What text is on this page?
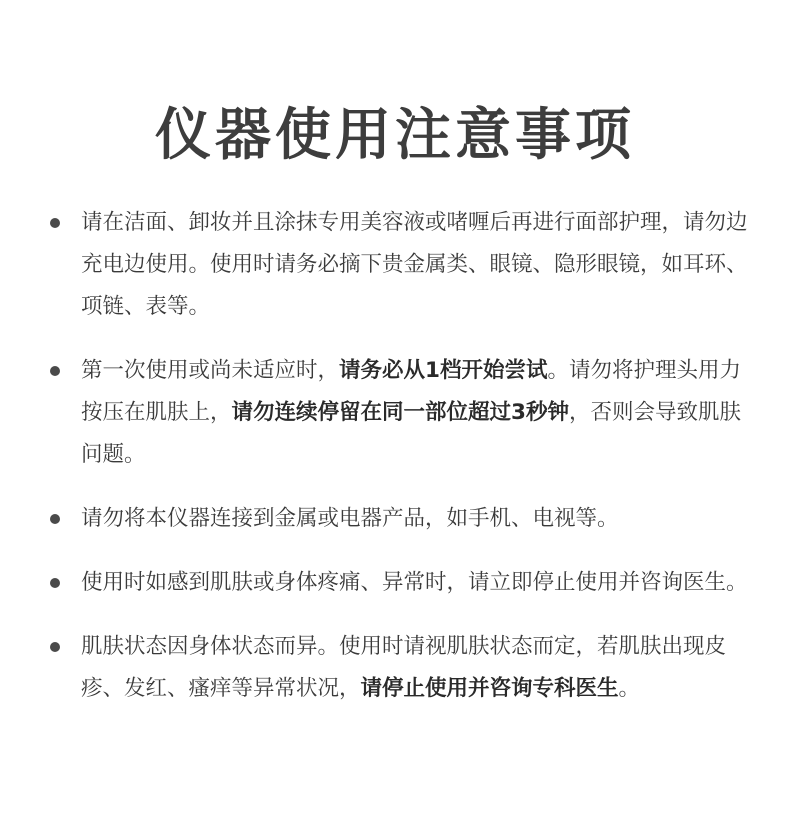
仪器使用注意事项
请在洁面、卸妆并且涂抹专用美容液或啫喱后再进行面部护理，请勿边充电边使用。使用时请务必摘下贵金属类、眼镜、隐形眼镜，如耳环、项链、表等。
第一次使用或尚未适应时，请务必从1档开始尝试。请勿将护理头用力按压在肌肤上，请勿连续停留在同一部位超过3秒钟，否则会导致肌肤问题。
请勿将本仪器连接到金属或电器产品，如手机、电视等。
使用时如感到肌肤或身体疼痛、异常时，请立即停止使用并咨询医生。
肌肤状态因身体状态而异。使用时请视肌肤状态而定，若肌肤出现皮疹、发红、瘙痒等异常状况，请停止使用并咨询专科医生。
